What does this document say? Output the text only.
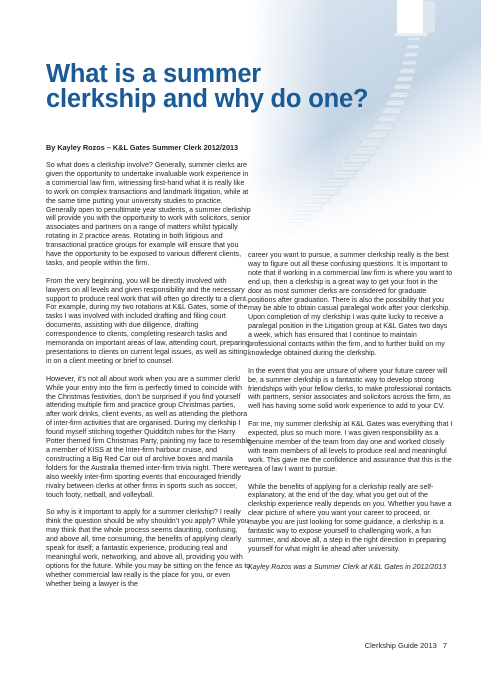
What is a summer clerkship and why do one?
By Kayley Rozos – K&L Gates Summer Clerk 2012/2013

So what does a clerkship involve? Generally, summer clerks are given the opportunity to undertake invaluable work experience in a commercial law firm, witnessing first-hand what it is really like to work on complex transactions and landmark litigation, while at the same time putting your university studies to practice. Generally open to penultimate year students, a summer clerkship will provide you with the opportunity to work with solicitors, senior associates and partners on a range of matters whilst typically rotating in 2 practice areas. Rotating in both litigious and transactional practice groups for example will ensure that you have the opportunity to be exposed to various different clients, tasks, and people within the firm.

From the very beginning, you will be directly involved with lawyers on all levels and given responsibility and the necessary support to produce real work that will often go directly to a client. For example, during my two rotations at K&L Gates, some of the tasks I was involved with included drafting and filing court documents, assisting with due diligence, drafting correspondence to clients, completing research tasks and memoranda on important areas of law, attending court, preparing presentations to clients on current legal issues, as well as sitting in on a client meeting or brief to counsel.

However, it’s not all about work when you are a summer clerk! While your entry into the firm is perfectly timed to coincide with the Christmas festivities, don’t be surprised if you find yourself attending multiple firm and practice group Christmas parties, after work drinks, client events, as well as attending the plethora of inter-firm activities that are organised. During my clerkship I found myself stitching together Quidditch robes for the Harry Potter themed firm Christmas Party, painting my face to resemble a member of KISS at the Inter-firm harbour cruise, and constructing a Big Red Car out of archive boxes and manila folders for the Australia themed inter-firm trivia night. There were also weekly inter-firm sporting events that encouraged friendly rivalry between clerks at other firms in sports such as soccer, touch footy, netball, and volleyball.

So why is it important to apply for a summer clerkship? I really think the question should be why shouldn’t you apply? While you may think that the whole process seems daunting, confusing, and above all, time consuming, the benefits of applying clearly speak for itself; a fantastic experience, producing real and meaningful work, networking, and above all, providing you with options for the future. While you may be sitting on the fence as to whether commercial law really is the place for you, or even whether being a lawyer is the

career you want to pursue, a summer clerkship really is the best way to figure out all these confusing questions. It is important to note that if working in a commercial law firm is where you want to end up, then a clerkship is a great way to get your foot in the door as most summer clerks are considered for graduate positions after graduation. There is also the possibility that you may be able to obtain casual paralegal work after your clerkship. Upon completion of my clerkship I was quite lucky to receive a paralegal position in the Litigation group at K&L Gates two days a week, which has ensured that I continue to maintain professional contacts within the firm, and to further build on my knowledge obtained during the clerkship.

In the event that you are unsure of where your future career will be, a summer clerkship is a fantastic way to develop strong friendships with your fellow clerks, to make professional contacts with partners, senior associates and solicitors across the firm, as well has having some solid work experience to add to your CV.

For me, my summer clerkship at K&L Gates was everything that I expected, plus so much more. I was given responsibility as a genuine member of the team from day one and worked closely with team members of all levels to produce real and meaningful work. This gave me the confidence and assurance that this is the area of law I want to pursue.

While the benefits of applying for a clerkship really are self-explanatory, at the end of the day, what you get out of the clerkship experience really depends on you. Whether you have a clear picture of where you want your career to proceed, or maybe you are just looking for some guidance, a clerkship is a fantastic way to expose yourself to challenging work, a fun summer, and above all, a step in the right direction in preparing yourself for what might lie ahead after university.

Kayley Rozos was a Summer Clerk at K&L Gates in 2012/2013

Clerkship Guide 2013 7
